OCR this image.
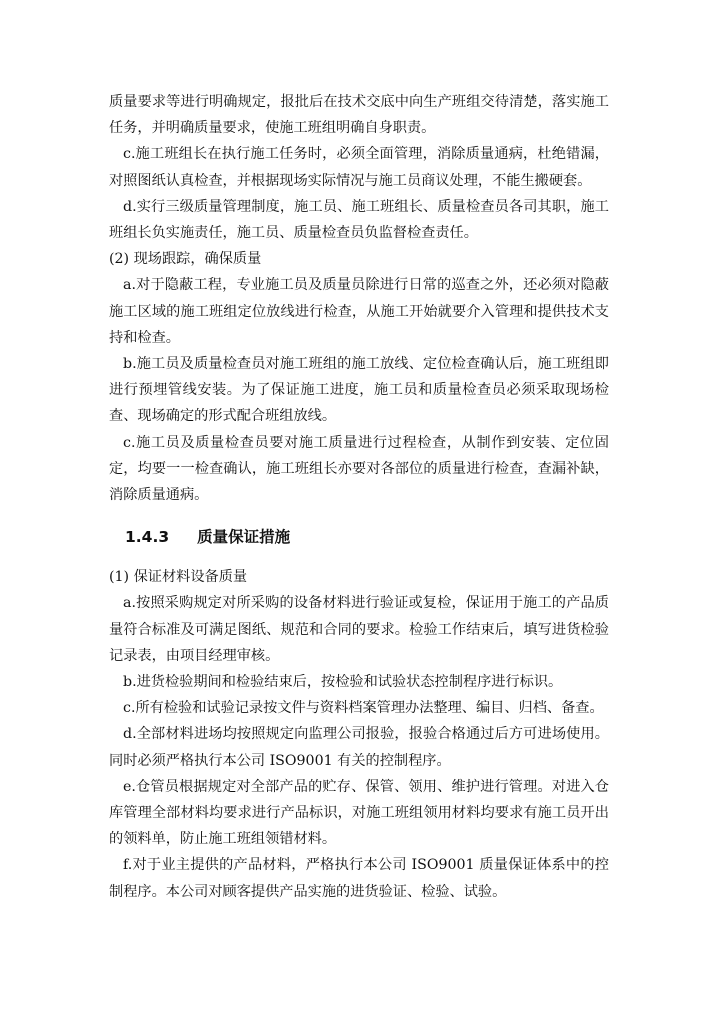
质量要求等进行明确规定，报批后在技术交底中向生产班组交待清楚，落实施工任务，并明确质量要求，使施工班组明确自身职责。

c.施工班组长在执行施工任务时，必须全面管理，消除质量通病，杜绝错漏，对照图纸认真检查，并根据现场实际情况与施工员商议处理，不能生搬硬套。

d.实行三级质量管理制度，施工员、施工班组长、质量检查员各司其职，施工班组长负实施责任，施工员、质量检查员负监督检查责任。

(2) 现场跟踪，确保质量

a.对于隐蔽工程，专业施工员及质量员除进行日常的巡查之外，还必须对隐蔽施工区域的施工班组定位放线进行检查，从施工开始就要介入管理和提供技术支持和检查。

b.施工员及质量检查员对施工班组的施工放线、定位检查确认后，施工班组即进行预埋管线安装。为了保证施工进度，施工员和质量检查员必须采取现场检查、现场确定的形式配合班组放线。

c.施工员及质量检查员要对施工质量进行过程检查，从制作到安装、定位固定，均要一一检查确认，施工班组长亦要对各部位的质量进行检查，查漏补缺，消除质量通病。

1.4.3 质量保证措施

(1) 保证材料设备质量

a.按照采购规定对所采购的设备材料进行验证或复检，保证用于施工的产品质量符合标准及可满足图纸、规范和合同的要求。检验工作结束后，填写进货检验记录表，由项目经理审核。

b.进货检验期间和检验结束后，按检验和试验状态控制程序进行标识。

c.所有检验和试验记录按文件与资料档案管理办法整理、编目、归档、备查。

d.全部材料进场均按照规定向监理公司报验，报验合格通过后方可进场使用。同时必须严格执行本公司 ISO9001 有关的控制程序。

e.仓管员根据规定对全部产品的贮存、保管、领用、维护进行管理。对进入仓库管理全部材料均要求进行产品标识，对施工班组领用材料均要求有施工员开出的领料单，防止施工班组领错材料。

f.对于业主提供的产品材料，严格执行本公司 ISO9001 质量保证体系中的控制程序。本公司对顾客提供产品实施的进货验证、检验、试验。
